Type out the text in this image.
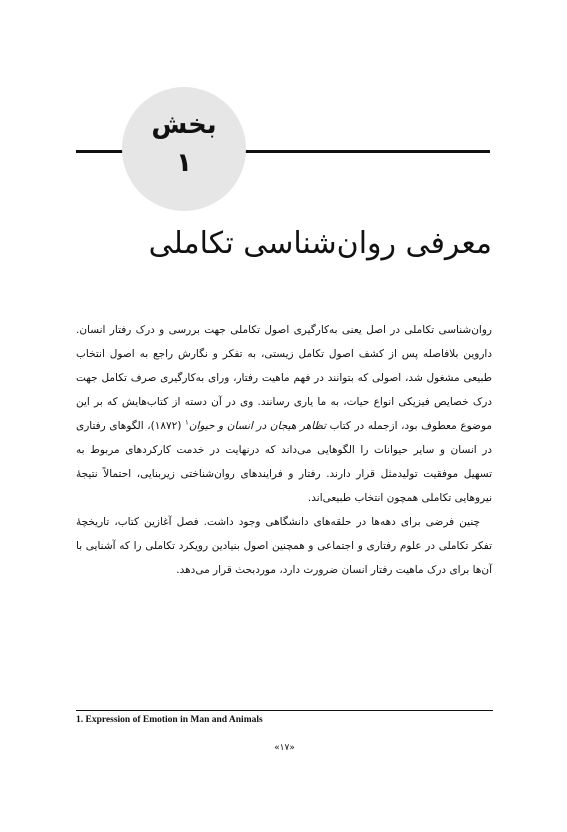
بخش
۱
معرفی روان‌شناسی تکاملی

روان‌شناسی تکاملی در اصل یعنی به‌کارگیری اصول تکاملی جهت بررسی و درک رفتار انسان. داروین بلافاصله پس از کشف اصول تکامل زیستی، به تفکر و نگارش راجع به اصول انتخاب طبیعی مشغول شد، اصولی که بتوانند در فهم ماهیت رفتار، ورای به‌کارگیری صرف تکامل جهت درک خصایص فیزیکی انواع حیات، به ما یاری رسانند. وی در آن دسته از کتاب‌هایش که بر این موضوع معطوف بود، ازجمله در کتاب تظاهر هیجان در انسان و حیوان$^۱$ (۱۸۷۲)، الگوهای رفتاری در انسان و سایر حیوانات را الگوهایی می‌داند که درنهایت در خدمت کارکردهای مربوط به تسهیل موفقیت تولیدمثل قرار دارند. رفتار و فرایندهای روان‌شناختی زیربنایی، احتمالاً نتیجهٔ نیروهایی تکاملی همچون انتخاب طبیعی‌اند.

چنین فرضی برای دهه‌ها در حلقه‌های دانشگاهی وجود داشت. فصل آغازین کتاب، تاریخچهٔ تفکر تکاملی در علوم رفتاری و اجتماعی و همچنین اصول بنیادین رویکرد تکاملی را که آشنایی با آن‌ها برای درک ماهیت رفتار انسان ضرورت دارد، موردبحث قرار می‌دهد.

1. Expression of Emotion in Man and Animals
«۱۷»
